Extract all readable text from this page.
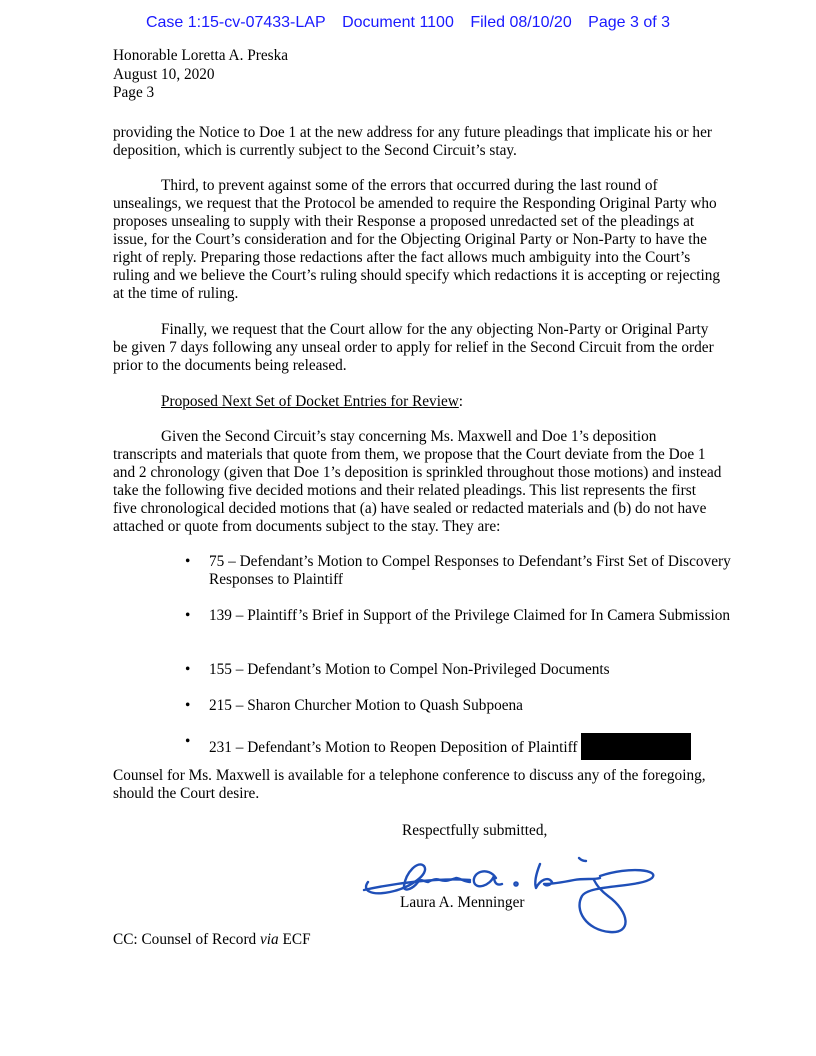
Case 1:15-cv-07433-LAP Document 1100 Filed 08/10/20 Page 3 of 3
Honorable Loretta A. Preska
August 10, 2020
Page 3

providing the Notice to Doe 1 at the new address for any future pleadings that implicate his or her deposition, which is currently subject to the Second Circuit’s stay.

Third, to prevent against some of the errors that occurred during the last round of unsealings, we request that the Protocol be amended to require the Responding Original Party who proposes unsealing to supply with their Response a proposed unredacted set of the pleadings at issue, for the Court’s consideration and for the Objecting Original Party or Non-Party to have the right of reply. Preparing those redactions after the fact allows much ambiguity into the Court’s ruling and we believe the Court’s ruling should specify which redactions it is accepting or rejecting at the time of ruling.

Finally, we request that the Court allow for the any objecting Non-Party or Original Party be given 7 days following any unseal order to apply for relief in the Second Circuit from the order prior to the documents being released.

Proposed Next Set of Docket Entries for Review:

Given the Second Circuit’s stay concerning Ms. Maxwell and Doe 1’s deposition transcripts and materials that quote from them, we propose that the Court deviate from the Doe 1 and 2 chronology (given that Doe 1’s deposition is sprinkled throughout those motions) and instead take the following five decided motions and their related pleadings. This list represents the first five chronological decided motions that (a) have sealed or redacted materials and (b) do not have attached or quote from documents subject to the stay. They are:

• 75 – Defendant’s Motion to Compel Responses to Defendant’s First Set of Discovery Responses to Plaintiff
• 139 – Plaintiff’s Brief in Support of the Privilege Claimed for In Camera Submission
• 155 – Defendant’s Motion to Compel Non-Privileged Documents
• 215 – Sharon Churcher Motion to Quash Subpoena
• 231 – Defendant’s Motion to Reopen Deposition of Plaintiff

Counsel for Ms. Maxwell is available for a telephone conference to discuss any of the foregoing, should the Court desire.

Respectfully submitted,
Laura A. Menninger
CC: Counsel of Record via ECF
